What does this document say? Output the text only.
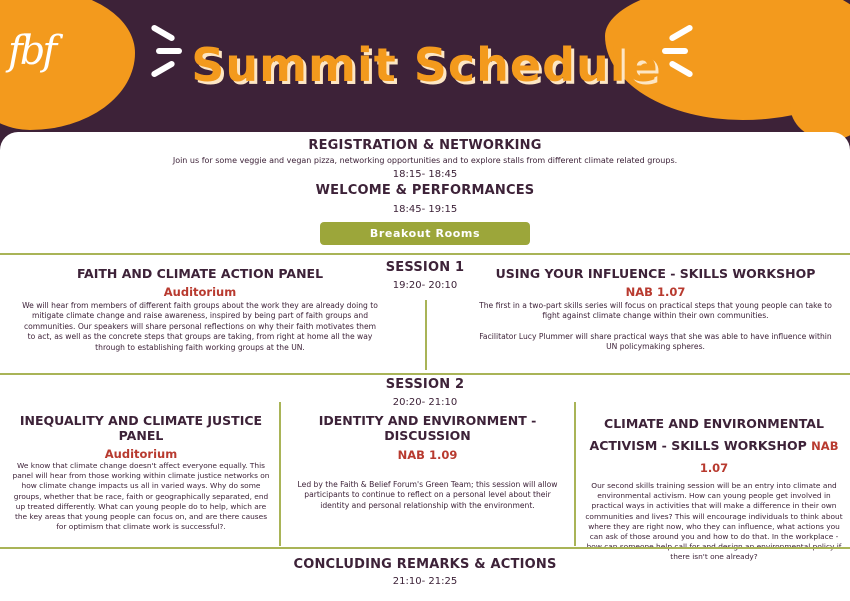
fbf	Summit Schedule
REGISTRATION & NETWORKING
Join us for some veggie and vegan pizza, networking opportunities and to explore stalls from different climate related groups.
18:15- 18:45
WELCOME & PERFORMANCES
18:45- 19:15
Breakout Rooms
SESSION 1
19:20- 20:10
FAITH AND CLIMATE ACTION PANEL
Auditorium
We will hear from members of different faith groups about the work they are already doing to mitigate climate change and raise awareness, inspired by being part of faith groups and communities. Our speakers will share personal reflections on why their faith motivates them to act, as well as the concrete steps that groups are taking, from right at home all the way through to establishing faith working groups at the UN.
USING YOUR INFLUENCE - SKILLS WORKSHOP
NAB 1.07
The first in a two-part skills series will focus on practical steps that young people can take to fight against climate change within their own communities.
Facilitator Lucy Plummer will share practical ways that she was able to have influence within UN policymaking spheres.
SESSION 2
20:20- 21:10
INEQUALITY AND CLIMATE JUSTICE PANEL
Auditorium
We know that climate change doesn't affect everyone equally. This panel will hear from those working within climate justice networks on how climate change impacts us all in varied ways. Why do some groups, whether that be race, faith or geographically separated, end up treated differently. What can young people do to help, which are the key areas that young people can focus on, and are there causes for optimism that climate work is successful?.
IDENTITY AND ENVIRONMENT - DISCUSSION
NAB 1.09
Led by the Faith & Belief Forum's Green Team; this session will allow participants to continue to reflect on a personal level about their identity and personal relationship with the environment.
CLIMATE AND ENVIRONMENTAL ACTIVISM - SKILLS WORKSHOP NAB 1.07
Our second skills training session will be an entry into climate and environmental activism. How can young people get involved in practical ways in activities that will make a difference in their own communities and lives? This will encourage individuals to think about where they are right now, who they can influence, what actions you can ask of those around you and how to do that. In the workplace - there isn't one already?
CONCLUDING REMARKS & ACTIONS
21:10- 21:25
